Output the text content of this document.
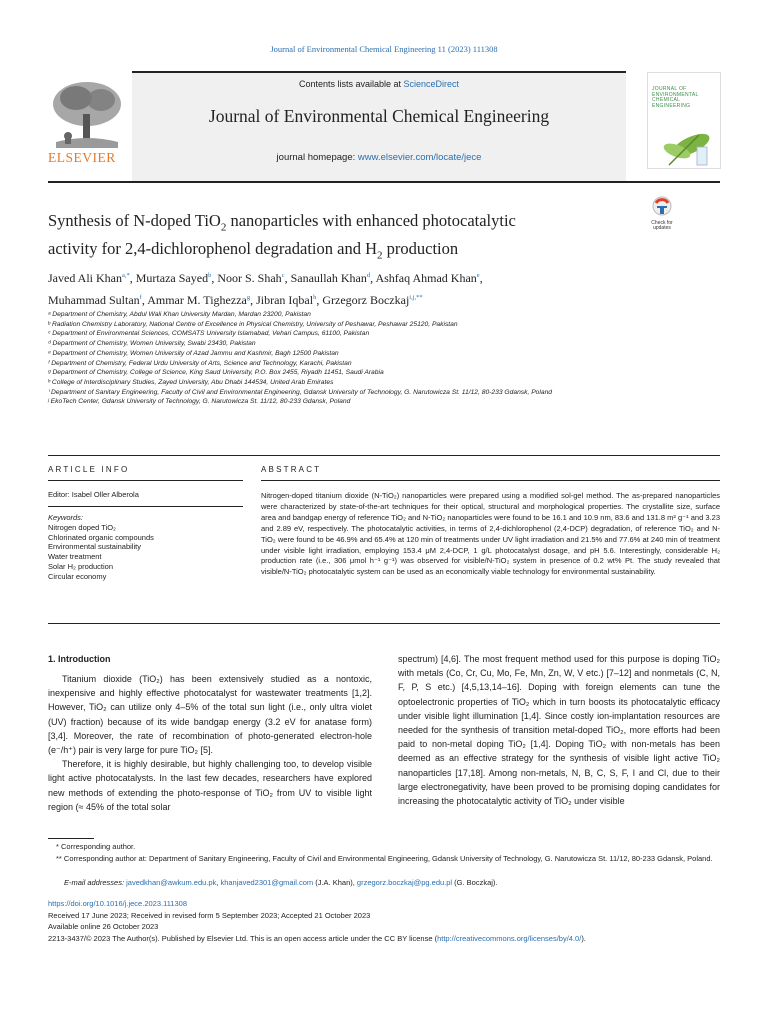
Journal of Environmental Chemical Engineering 11 (2023) 111308
ELSEVIER
Contents lists available at ScienceDirect
Journal of Environmental Chemical Engineering
journal homepage: www.elsevier.com/locate/jece
JOURNAL OF ENVIRONMENTAL CHEMICAL ENGINEERING
Check for updates
Synthesis of N-doped TiO$_2$ nanoparticles with enhanced photocatalytic
activity for 2,4-dichlorophenol degradation and $H_2$ production
Javed Ali Khan$^{a,*}$, Murtaza Sayed$^b$, Noor S. Shah$^c$, Sanaullah Khan$^d$, Ashfaq Ahmad Khan$^e$,
Muhammad Sultan$^f$, Ammar M. Tighezza$^g$, Jibran Iqbal$^h$, Grzegorz Boczkaj$^{i,j,**}$
ᵃ Department of Chemistry, Abdul Wali Khan University Mardan, Mardan 23200, Pakistan
ᵇ Radiation Chemistry Laboratory, National Centre of Excellence in Physical Chemistry, University of Peshawar, Peshawar 25120, Pakistan
ᶜ Department of Environmental Sciences, COMSATS University Islamabad, Vehari Campus, 61100, Pakistan
ᵈ Department of Chemistry, Women University, Swabi 23430, Pakistan
ᵉ Department of Chemistry, Women University of Azad Jammu and Kashmir, Bagh 12500 Pakistan
ᶠ Department of Chemistry, Federal Urdu University of Arts, Science and Technology, Karachi, Pakistan
ᵍ Department of Chemistry, College of Science, King Saud University, P.O. Box 2455, Riyadh 11451, Saudi Arabia
ʰ College of Interdisciplinary Studies, Zayed University, Abu Dhabi 144534, United Arab Emirates
ⁱ Department of Sanitary Engineering, Faculty of Civil and Environmental Engineering, Gdansk University of Technology, G. Narutowicza St. 11/12, 80-233 Gdansk, Poland
ʲ EkoTech Center, Gdansk University of Technology, G. Narutowicza St. 11/12, 80-233 Gdansk, Poland
ARTICLE INFO	ABSTRACT
Editor: Isabel Oller Alberola
Keywords:
Nitrogen doped TiO₂
Chlorinated organic compounds
Environmental sustainability
Water treatment
Solar H₂ production
Circular economy
Nitrogen-doped titanium dioxide (N-TiO₂) nanoparticles were prepared using a modified sol-gel method. The as-prepared nanoparticles were characterized by state-of-the-art techniques for their optical, structural and morphological properties. The crystallite size, surface area and bandgap energy of reference TiO₂ and N-TiO₂ nanoparticles were found to be 16.1 and 10.9 nm, 83.6 and 131.8 m² g⁻¹ and 3.23 and 2.89 eV, respectively. The photocatalytic activities, in terms of 2,4-dichlorophenol (2,4-DCP) degradation, of reference TiO₂ and N-TiO₂ were found to be 46.9% and 65.4% at 120 min of treatments under UV light irradiation and 21.5% and 77.6% at 240 min of treatment under visible light irradiation, employing 153.4 μM 2,4-DCP, 1 g/L photocatalyst dosage, and pH 5.6. Interestingly, considerable H₂ production rate (i.e., 306 μmol h⁻¹ g⁻¹) was observed for visible/N-TiO₂ system in presence of 0.2 wt% Pt. The study revealed that visible/N-TiO₂ photocatalytic system can be used as an economically viable technology for environmental sustainability.
1. Introduction

Titanium dioxide (TiO₂) has been extensively studied as a nontoxic, inexpensive and highly effective photocatalyst for wastewater treatments [1,2]. However, TiO₂ can utilize only 4–5% of the total sun light (i.e., only ultra violet (UV) fraction) because of its wide bandgap energy (3.2 eV for anatase form) [3,4]. Moreover, the rate of recombination of photo-generated electron-hole (e⁻/h⁺) pair is very large for pure TiO₂ [5].

Therefore, it is highly desirable, but highly challenging too, to develop visible light active photocatalysts. In the last few decades, researchers have explored new methods of extending the photo-response of TiO₂ from UV to visible light region (≈ 45% of the total solar

spectrum) [4,6]. The most frequent method used for this purpose is doping TiO₂ with metals (Co, Cr, Cu, Mo, Fe, Mn, Zn, W, V etc.) [7–12] and nonmetals (C, N, F, P, S etc.) [4,5,13,14–16]. Doping with foreign elements can tune the optoelectronic properties of TiO₂ which in turn boosts its photocatalytic efficacy under visible light illumination [1,4]. Since costly ion-implantation resources are needed for the synthesis of transition metal-doped TiO₂, more efforts had been paid to non-metal doping TiO₂ [1,4]. Doping TiO₂ with non-metals has been deemed as an effective strategy for the synthesis of visible light active TiO₂ nanoparticles [17,18]. Among non-metals, N, B, C, S, F, I and Cl, due to their large electronegativity, have been proved to be promising doping candidates for increasing the photocatalytic activity of TiO₂ under visible

* Corresponding author.
** Corresponding author at: Department of Sanitary Engineering, Faculty of Civil and Environmental Engineering, Gdansk University of Technology, G. Narutowicza St. 11/12, 80-233 Gdansk, Poland.
E-mail addresses: javedkhan@awkum.edu.pk, khanjaved2301@gmail.com (J.A. Khan), grzegorz.boczkaj@pg.edu.pl (G. Boczkaj).
https://doi.org/10.1016/j.jece.2023.111308
Received 17 June 2023; Received in revised form 5 September 2023; Accepted 21 October 2023
Available online 26 October 2023
2213-3437/© 2023 The Author(s). Published by Elsevier Ltd. This is an open access article under the CC BY license (http://creativecommons.org/licenses/by/4.0/).
